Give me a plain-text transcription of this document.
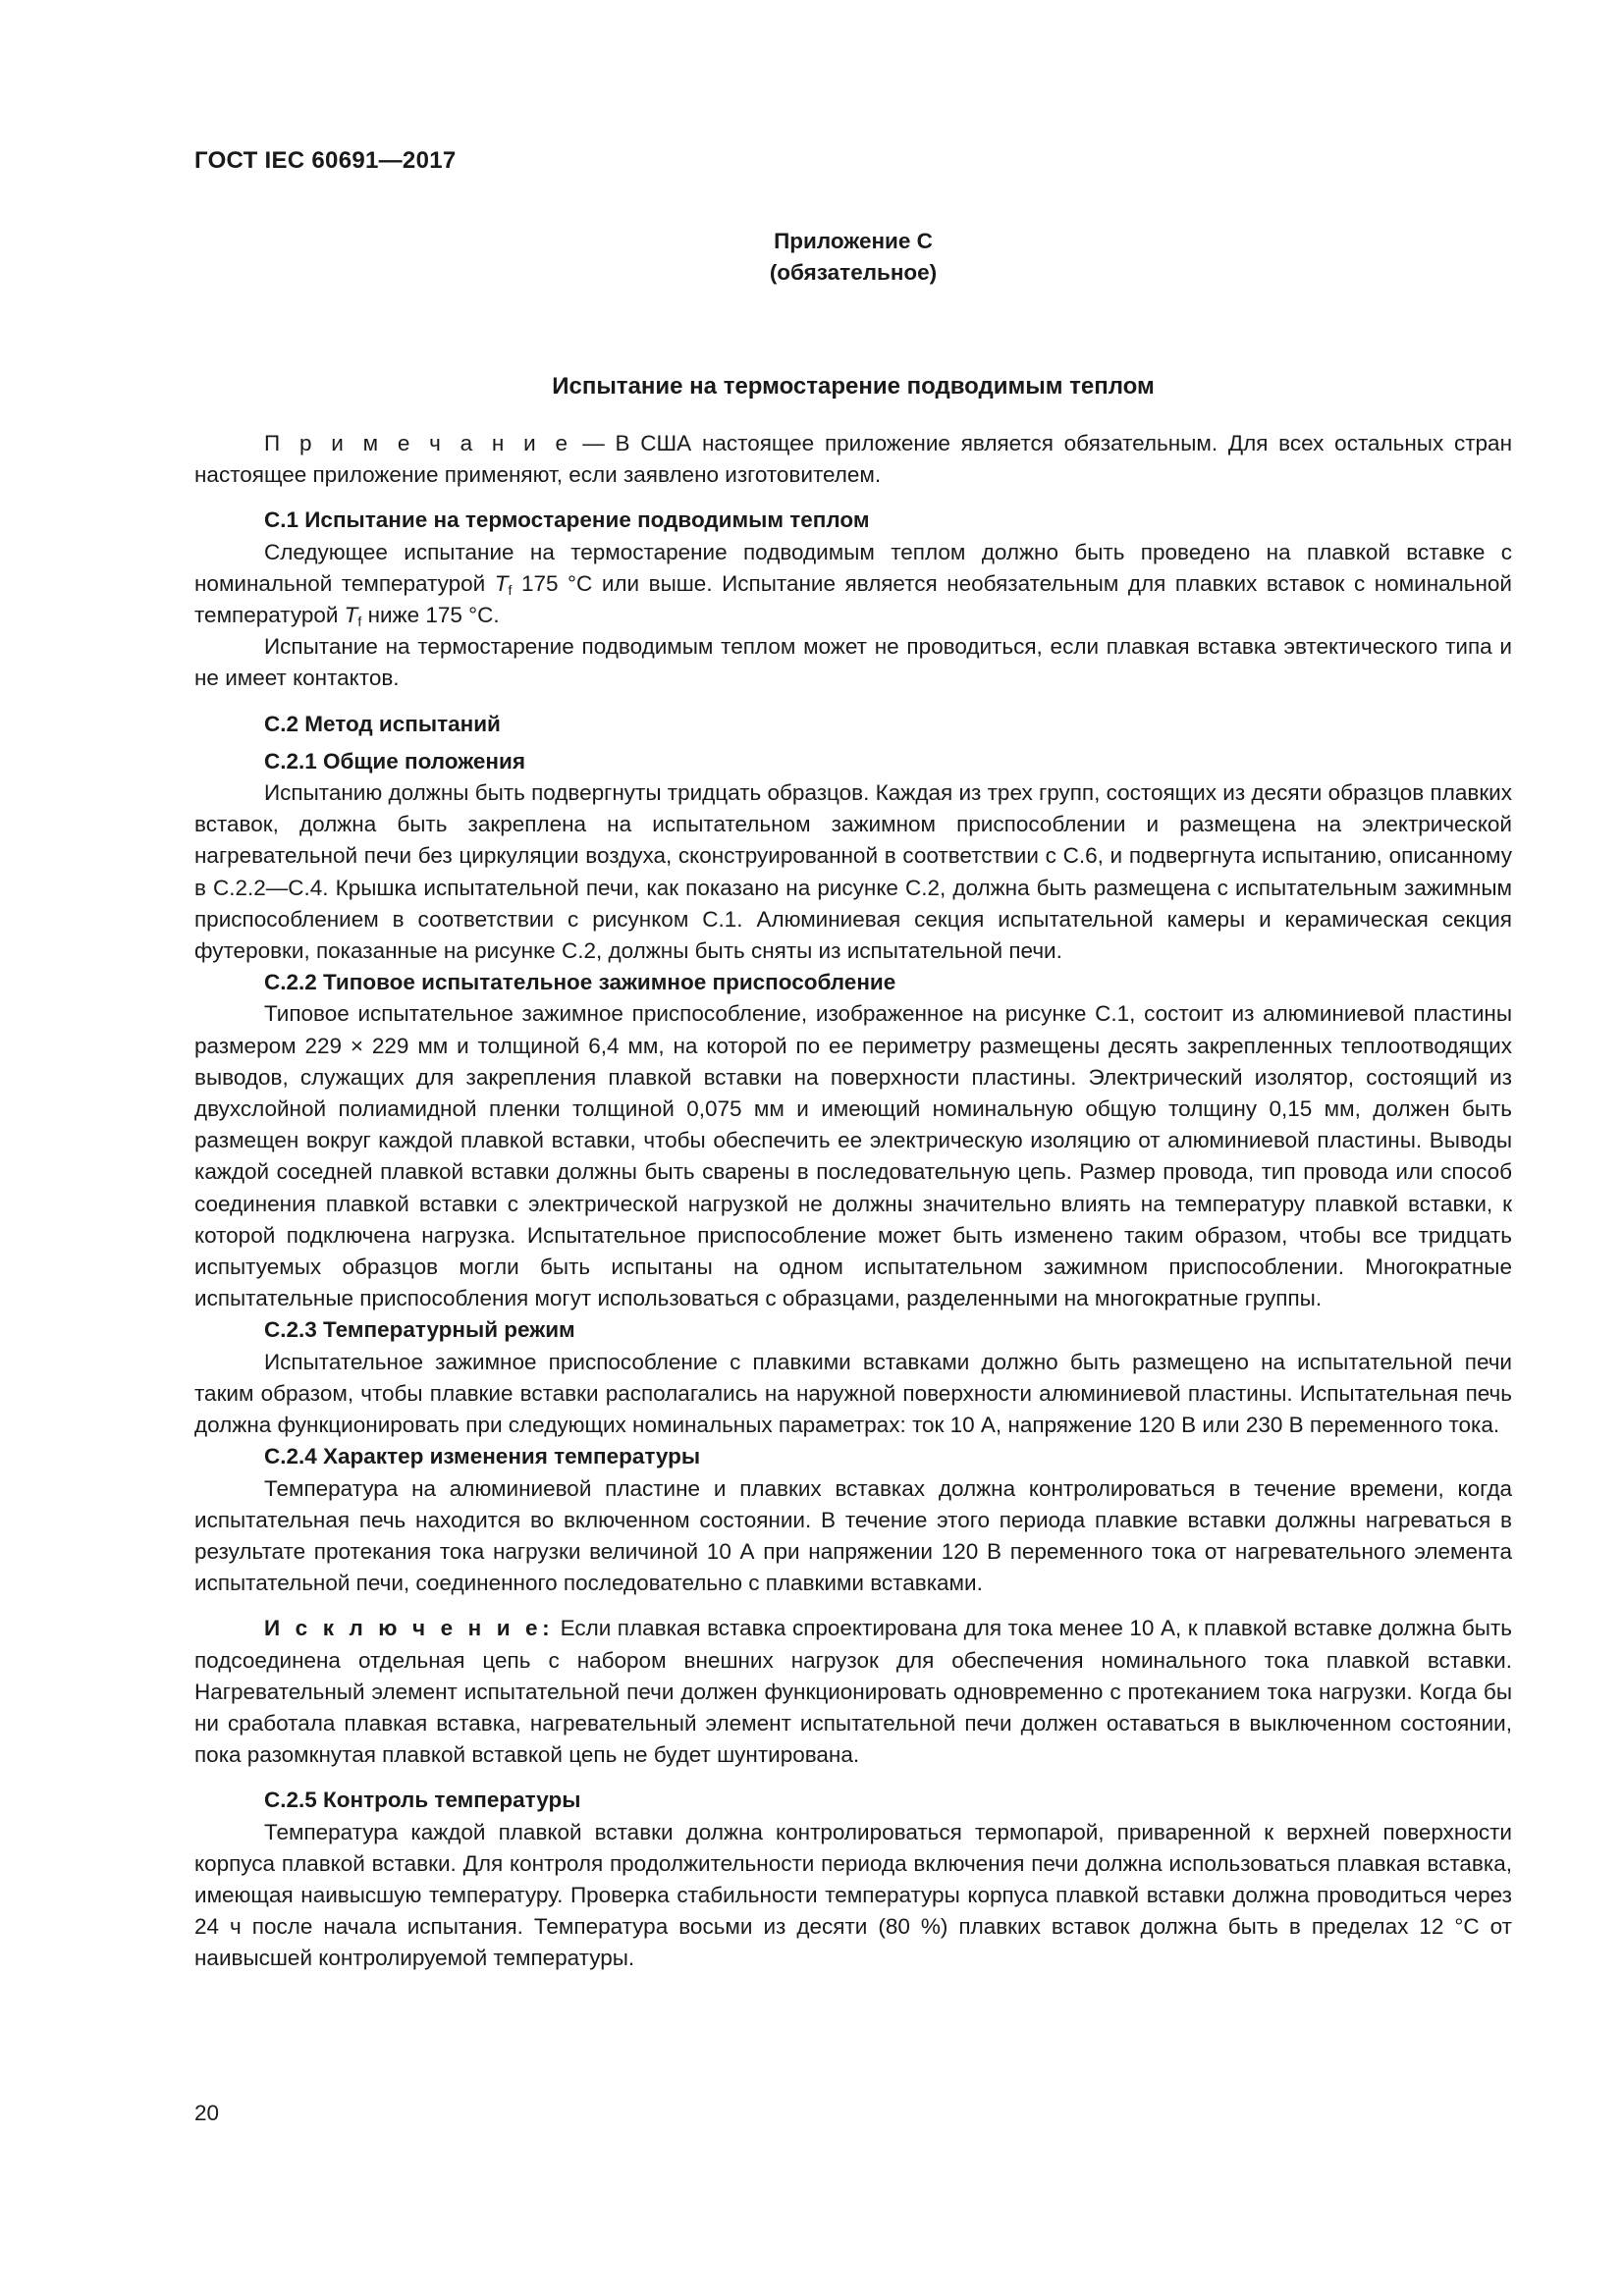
ГОСТ IEC 60691—2017
Приложение С
(обязательное)
Испытание на термостарение подводимым теплом

П р и м е ч а н и е — В США настоящее приложение является обязательным. Для всех остальных стран настоящее приложение применяют, если заявлено изготовителем.

С.1 Испытание на термостарение подводимым теплом

Следующее испытание на термостарение подводимым теплом должно быть проведено на плавкой вставке с номинальной температурой $T_f$ 175 °С или выше. Испытание является необязательным для плавких вставок с номинальной температурой $T_f$ ниже 175 °С.

Испытание на термостарение подводимым теплом может не проводиться, если плавкая вставка эвтектического типа и не имеет контактов.

С.2 Метод испытаний
С.2.1 Общие положения

Испытанию должны быть подвергнуты тридцать образцов. Каждая из трех групп, состоящих из десяти образцов плавких вставок, должна быть закреплена на испытательном зажимном приспособлении и размещена на электрической нагревательной печи без циркуляции воздуха, сконструированной в соответствии с С.6, и подвергнута испытанию, описанному в С.2.2—С.4. Крышка испытательной печи, как показано на рисунке С.2, должна быть размещена с испытательным зажимным приспособлением в соответствии с рисунком С.1. Алюминиевая секция испытательной камеры и керамическая секция футеровки, показанные на рисунке С.2, должны быть сняты из испытательной печи.

С.2.2 Типовое испытательное зажимное приспособление

Типовое испытательное зажимное приспособление, изображенное на рисунке С.1, состоит из алюминиевой пластины размером 229 × 229 мм и толщиной 6,4 мм, на которой по ее периметру размещены десять закрепленных теплоотводящих выводов, служащих для закрепления плавкой вставки на поверхности пластины. Электрический изолятор, состоящий из двухслойной полиамидной пленки толщиной 0,075 мм и имеющий номинальную общую толщину 0,15 мм, должен быть размещен вокруг каждой плавкой вставки, чтобы обеспечить ее электрическую изоляцию от алюминиевой пластины. Выводы каждой соседней плавкой вставки должны быть сварены в последовательную цепь. Размер провода, тип провода или способ соединения плавкой вставки с электрической нагрузкой не должны значительно влиять на температуру плавкой вставки, к которой подключена нагрузка. Испытательное приспособление может быть изменено таким образом, чтобы все тридцать испытуемых образцов могли быть испытаны на одном испытательном зажимном приспособлении. Многократные испытательные приспособления могут использоваться с образцами, разделенными на многократные группы.

С.2.3 Температурный режим

Испытательное зажимное приспособление с плавкими вставками должно быть размещено на испытательной печи таким образом, чтобы плавкие вставки располагались на наружной поверхности алюминиевой пластины. Испытательная печь должна функционировать при следующих номинальных параметрах: ток 10 А, напряжение 120 В или 230 В переменного тока.

С.2.4 Характер изменения температуры

Температура на алюминиевой пластине и плавких вставках должна контролироваться в течение времени, когда испытательная печь находится во включенном состоянии. В течение этого периода плавкие вставки должны нагреваться в результате протекания тока нагрузки величиной 10 А при напряжении 120 В переменного тока от нагревательного элемента испытательной печи, соединенного последовательно с плавкими вставками.

И с к л ю ч е н и е: Если плавкая вставка спроектирована для тока менее 10 А, к плавкой вставке должна быть подсоединена отдельная цепь с набором внешних нагрузок для обеспечения номинального тока плавкой вставки. Нагревательный элемент испытательной печи должен функционировать одновременно с протеканием тока нагрузки. Когда бы ни сработала плавкая вставка, нагревательный элемент испытательной печи должен оставаться в выключенном состоянии, пока разомкнутая плавкой вставкой цепь не будет шунтирована.

С.2.5 Контроль температуры

Температура каждой плавкой вставки должна контролироваться термопарой, приваренной к верхней поверхности корпуса плавкой вставки. Для контроля продолжительности периода включения печи должна использоваться плавкая вставка, имеющая наивысшую температуру. Проверка стабильности температуры корпуса плавкой вставки должна проводиться через 24 ч после начала испытания. Температура восьми из десяти (80 %) плавких вставок должна быть в пределах 12 °С от наивысшей контролируемой температуры.

20
